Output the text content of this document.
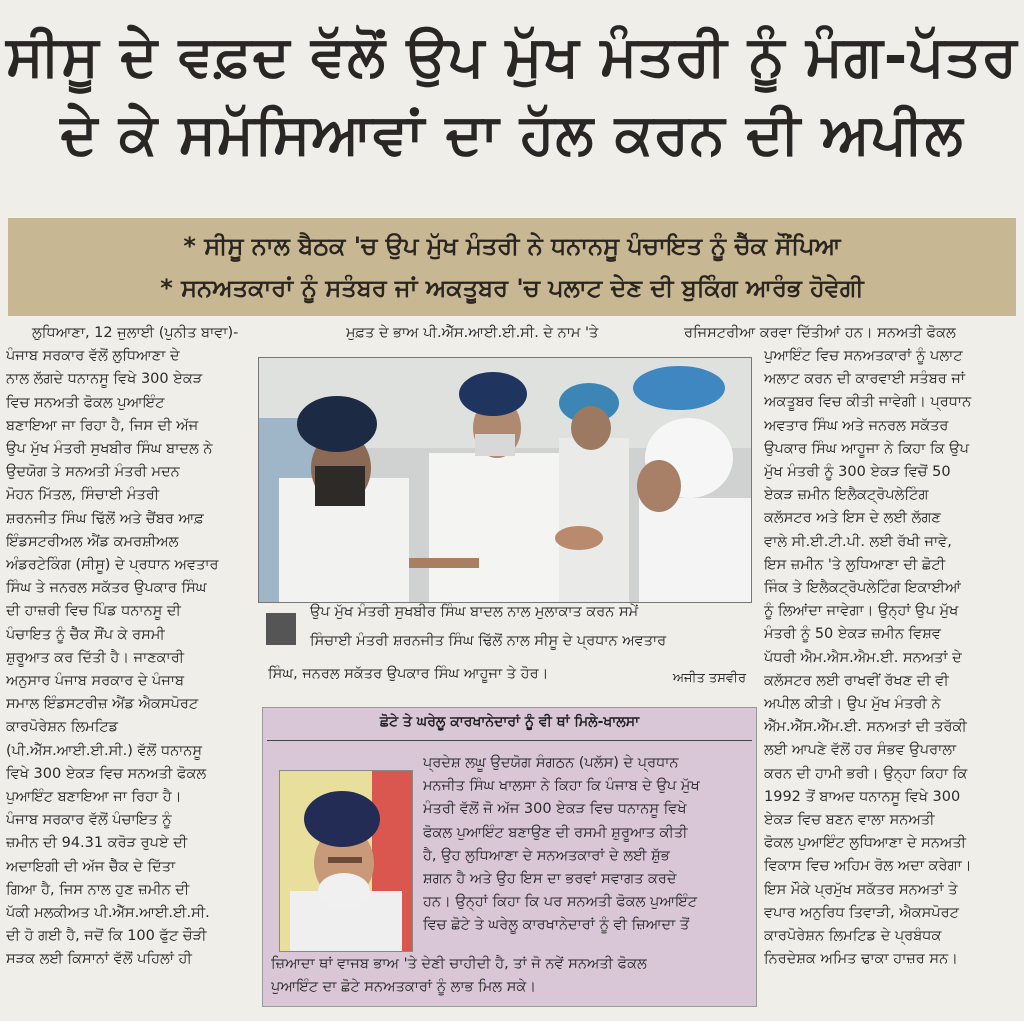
ਸੀਸੂ ਦੇ ਵਫ਼ਦ ਵੱਲੋਂ ਉਪ ਮੁੱਖ ਮੰਤਰੀ ਨੂੰ ਮੰਗ-ਪੱਤਰ
ਦੇ ਕੇ ਸਮੱਸਿਆਵਾਂ ਦਾ ਹੱਲ ਕਰਨ ਦੀ ਅਪੀਲ
* ਸੀਸੂ ਨਾਲ ਬੈਠਕ 'ਚ ਉਪ ਮੁੱਖ ਮੰਤਰੀ ਨੇ ਧਨਾਨਸੂ ਪੰਚਾਇਤ ਨੂੰ ਚੈੱਕ ਸੌਂਪਿਆ
* ਸਨਅਤਕਾਰਾਂ ਨੂੰ ਸਤੰਬਰ ਜਾਂ ਅਕਤੂਬਰ 'ਚ ਪਲਾਟ ਦੇਣ ਦੀ ਬੁਕਿੰਗ ਆਰੰਭ ਹੋਵੇਗੀ
ਮੁਫ਼ਤ ਦੇ ਭਾਅ ਪੀ.ਐੱਸ.ਆਈ.ਈ.ਸੀ. ਦੇ ਨਾਮ 'ਤੇ	ਰਜਿਸਟਰੀਆ ਕਰਵਾ ਦਿੱਤੀਆਂ ਹਨ। ਸਨਅਤੀ ਫੋਕਲ
ਲੁਧਿਆਣਾ, 12 ਜੁਲਾਈ (ਪੁਨੀਤ ਬਾਵਾ)-
ਪੰਜਾਬ ਸਰਕਾਰ ਵੱਲੋਂ ਲੁਧਿਆਣਾ ਦੇ
ਨਾਲ ਲੱਗਦੇ ਧਨਾਨਸੂ ਵਿਖੇ 300 ਏਕੜ
ਵਿਚ ਸਨਅਤੀ ਫੋਕਲ ਪੁਆਇੰਟ
ਬਣਾਇਆ ਜਾ ਰਿਹਾ ਹੈ, ਜਿਸ ਦੀ ਅੱਜ
ਉਪ ਮੁੱਖ ਮੰਤਰੀ ਸੁਖਬੀਰ ਸਿੰਘ ਬਾਦਲ ਨੇ
ਉਦਯੋਗ ਤੇ ਸਨਅਤੀ ਮੰਤਰੀ ਮਦਨ
ਮੋਹਨ ਮਿੱਤਲ, ਸਿੰਚਾਈ ਮੰਤਰੀ
ਸ਼ਰਨਜੀਤ ਸਿੰਘ ਢਿੱਲੋਂ ਅਤੇ ਚੈਂਬਰ ਆਫ਼
ਇੰਡਸਟਰੀਅਲ ਐਂਡ ਕਮਰਸ਼ੀਅਲ
ਅੰਡਰਟੇਕਿੰਗ (ਸੀਸੂ) ਦੇ ਪ੍ਰਧਾਨ ਅਵਤਾਰ
ਸਿੰਘ ਤੇ ਜਨਰਲ ਸਕੱਤਰ ਉਪਕਾਰ ਸਿੰਘ
ਦੀ ਹਾਜ਼ਰੀ ਵਿਚ ਪਿੰਡ ਧਨਾਨਸੂ ਦੀ
ਪੰਚਾਇਤ ਨੂੰ ਚੈੱਕ ਸੌਂਪ ਕੇ ਰਸਮੀ
ਸ਼ੁਰੂਆਤ ਕਰ ਦਿੱਤੀ ਹੈ। ਜਾਣਕਾਰੀ
ਅਨੁਸਾਰ ਪੰਜਾਬ ਸਰਕਾਰ ਦੇ ਪੰਜਾਬ
ਸਮਾਲ ਇੰਡਸਟਰੀਜ਼ ਐਂਡ ਐਕਸਪੋਰਟ
ਕਾਰਪੋਰੇਸ਼ਨ ਲਿਮਟਿਡ
(ਪੀ.ਐੱਸ.ਆਈ.ਈ.ਸੀ.) ਵੱਲੋਂ ਧਨਾਨਸੂ
ਵਿਖੇ 300 ਏਕੜ ਵਿਚ ਸਨਅਤੀ ਫੋਕਲ
ਪੁਆਇੰਟ ਬਣਾਇਆ ਜਾ ਰਿਹਾ ਹੈ।
ਪੰਜਾਬ ਸਰਕਾਰ ਵੱਲੋਂ ਪੰਚਾਇਤ ਨੂੰ
ਜ਼ਮੀਨ ਦੀ 94.31 ਕਰੋੜ ਰੁਪਏ ਦੀ
ਅਦਾਇਗੀ ਦੀ ਅੱਜ ਚੈੱਕ ਦੇ ਦਿੱਤਾ
ਗਿਆ ਹੈ, ਜਿਸ ਨਾਲ ਹੁਣ ਜ਼ਮੀਨ ਦੀ
ਪੱਕੀ ਮਲਕੀਅਤ ਪੀ.ਐੱਸ.ਆਈ.ਈ.ਸੀ.
ਦੀ ਹੋ ਗਈ ਹੈ, ਜਦੋਂ ਕਿ 100 ਫੁੱਟ ਚੌੜੀ
ਸੜਕ ਲਈ ਕਿਸਾਨਾਂ ਵੱਲੋਂ ਪਹਿਲਾਂ ਹੀ
ਉਪ ਮੁੱਖ ਮੰਤਰੀ ਸੁਖਬੀਰ ਸਿੰਘ ਬਾਦਲ ਨਾਲ ਮੁਲਾਕਾਤ ਕਰਨ ਸਮੇਂ
ਸਿੰਚਾਈ ਮੰਤਰੀ ਸ਼ਰਨਜੀਤ ਸਿੰਘ ਢਿੱਲੋਂ ਨਾਲ ਸੀਸੂ ਦੇ ਪ੍ਰਧਾਨ ਅਵਤਾਰ
ਸਿੰਘ, ਜਨਰਲ ਸਕੱਤਰ ਉਪਕਾਰ ਸਿੰਘ ਆਹੂਜਾ ਤੇ ਹੋਰ।	ਅਜੀਤ ਤਸਵੀਰ
ਛੋਟੇ ਤੇ ਘਰੇਲੂ ਕਾਰਖਾਨੇਦਾਰਾਂ ਨੂੰ ਵੀ ਥਾਂ ਮਿਲੇ-ਖਾਲਸਾ
ਪ੍ਰਦੇਸ਼ ਲਘੂ ਉਦਯੋਗ ਸੰਗਠਨ (ਪਲੱਸ) ਦੇ ਪ੍ਰਧਾਨ
ਮਨਜੀਤ ਸਿੰਘ ਖਾਲਸਾ ਨੇ ਕਿਹਾ ਕਿ ਪੰਜਾਬ ਦੇ ਉਪ ਮੁੱਖ
ਮੰਤਰੀ ਵੱਲੋਂ ਜੋ ਅੱਜ 300 ਏਕੜ ਵਿਚ ਧਨਾਨਸੂ ਵਿਖੇ
ਫੋਕਲ ਪੁਆਇੰਟ ਬਣਾਉਣ ਦੀ ਰਸਮੀ ਸ਼ੁਰੂਆਤ ਕੀਤੀ
ਹੈ, ਉਹ ਲੁਧਿਆਣਾ ਦੇ ਸਨਅਤਕਾਰਾਂ ਦੇ ਲਈ ਸ਼ੁੱਭ
ਸ਼ਗਨ ਹੈ ਅਤੇ ਉਹ ਇਸ ਦਾ ਭਰਵਾਂ ਸਵਾਗਤ ਕਰਦੇ
ਹਨ। ਉਨ੍ਹਾਂ ਕਿਹਾ ਕਿ ਪਰ ਸਨਅਤੀ ਫੋਕਲ ਪੁਆਇੰਟ
ਵਿਚ ਛੋਟੇ ਤੇ ਘਰੇਲੂ ਕਾਰਖਾਨੇਦਾਰਾਂ ਨੂੰ ਵੀ ਜ਼ਿਆਦਾ ਤੋਂ
ਜ਼ਿਆਦਾ ਥਾਂ ਵਾਜਬ ਭਾਅ 'ਤੇ ਦੇਣੀ ਚਾਹੀਦੀ ਹੈ, ਤਾਂ ਜੋ ਨਵੇਂ ਸਨਅਤੀ ਫੋਕਲ
ਪੁਆਇੰਟ ਦਾ ਛੋਟੇ ਸਨਅਤਕਾਰਾਂ ਨੂੰ ਲਾਭ ਮਿਲ ਸਕੇ।
ਪੁਆਇੰਟ ਵਿਚ ਸਨਅਤਕਾਰਾਂ ਨੂੰ ਪਲਾਟ
ਅਲਾਟ ਕਰਨ ਦੀ ਕਾਰਵਾਈ ਸਤੰਬਰ ਜਾਂ
ਅਕਤੂਬਰ ਵਿਚ ਕੀਤੀ ਜਾਵੇਗੀ। ਪ੍ਰਧਾਨ
ਅਵਤਾਰ ਸਿੰਘ ਅਤੇ ਜਨਰਲ ਸਕੱਤਰ
ਉਪਕਾਰ ਸਿੰਘ ਆਹੂਜਾ ਨੇ ਕਿਹਾ ਕਿ ਉਪ
ਮੁੱਖ ਮੰਤਰੀ ਨੂੰ 300 ਏਕੜ ਵਿਚੋਂ 50
ਏਕੜ ਜ਼ਮੀਨ ਇਲੈਕਟ੍ਰੋਪਲੇਟਿੰਗ
ਕਲੱਸਟਰ ਅਤੇ ਇਸ ਦੇ ਲਈ ਲੱਗਣ
ਵਾਲੇ ਸੀ.ਈ.ਟੀ.ਪੀ. ਲਈ ਰੱਖੀ ਜਾਵੇ,
ਇਸ ਜ਼ਮੀਨ 'ਤੇ ਲੁਧਿਆਣਾ ਦੀ ਛੋਟੀ
ਜਿੰਕ ਤੇ ਇਲੈਕਟ੍ਰੋਪਲੇਟਿੰਗ ਇਕਾਈਆਂ
ਨੂੰ ਲਿਆਂਦਾ ਜਾਵੇਗਾ। ਉਨ੍ਹਾਂ ਉਪ ਮੁੱਖ
ਮੰਤਰੀ ਨੂੰ 50 ਏਕੜ ਜ਼ਮੀਨ ਵਿਸ਼ਵ
ਪੱਧਰੀ ਐਮ.ਐਸ.ਐਮ.ਈ. ਸਨਅਤਾਂ ਦੇ
ਕਲੱਸਟਰ ਲਈ ਰਾਖਵੀਂ ਰੱਖਣ ਦੀ ਵੀ
ਅਪੀਲ ਕੀਤੀ। ਉਪ ਮੁੱਖ ਮੰਤਰੀ ਨੇ
ਐੱਮ.ਐੱਸ.ਐੱਮ.ਈ. ਸਨਅਤਾਂ ਦੀ ਤਰੱਕੀ
ਲਈ ਆਪਣੇ ਵੱਲੋਂ ਹਰ ਸੰਭਵ ਉਪਰਾਲਾ
ਕਰਨ ਦੀ ਹਾਮੀ ਭਰੀ। ਉਨ੍ਹਾ ਕਿਹਾ ਕਿ
1992 ਤੋਂ ਬਾਅਦ ਧਨਾਨਸੂ ਵਿਖੇ 300
ਏਕੜ ਵਿਚ ਬਣਨ ਵਾਲਾ ਸਨਅਤੀ
ਫੋਕਲ ਪੁਆਇੰਟ ਲੁਧਿਆਣਾ ਦੇ ਸਨਅਤੀ
ਵਿਕਾਸ ਵਿਚ ਅਹਿਮ ਰੋਲ ਅਦਾ ਕਰੇਗਾ।
ਇਸ ਮੌਕੇ ਪ੍ਰਮੁੱਖ ਸਕੱਤਰ ਸਨਅਤਾਂ ਤੇ
ਵਪਾਰ ਅਨੁਰਿਧ ਤਿਵਾੜੀ, ਐਕਸਪੋਰਟ
ਕਾਰਪੋਰੇਸ਼ਨ ਲਿਮਟਿਡ ਦੇ ਪ੍ਰਬੰਧਕ
ਨਿਰਦੇਸ਼ਕ ਅਮਿਤ ਢਾਕਾ ਹਾਜ਼ਰ ਸਨ।
